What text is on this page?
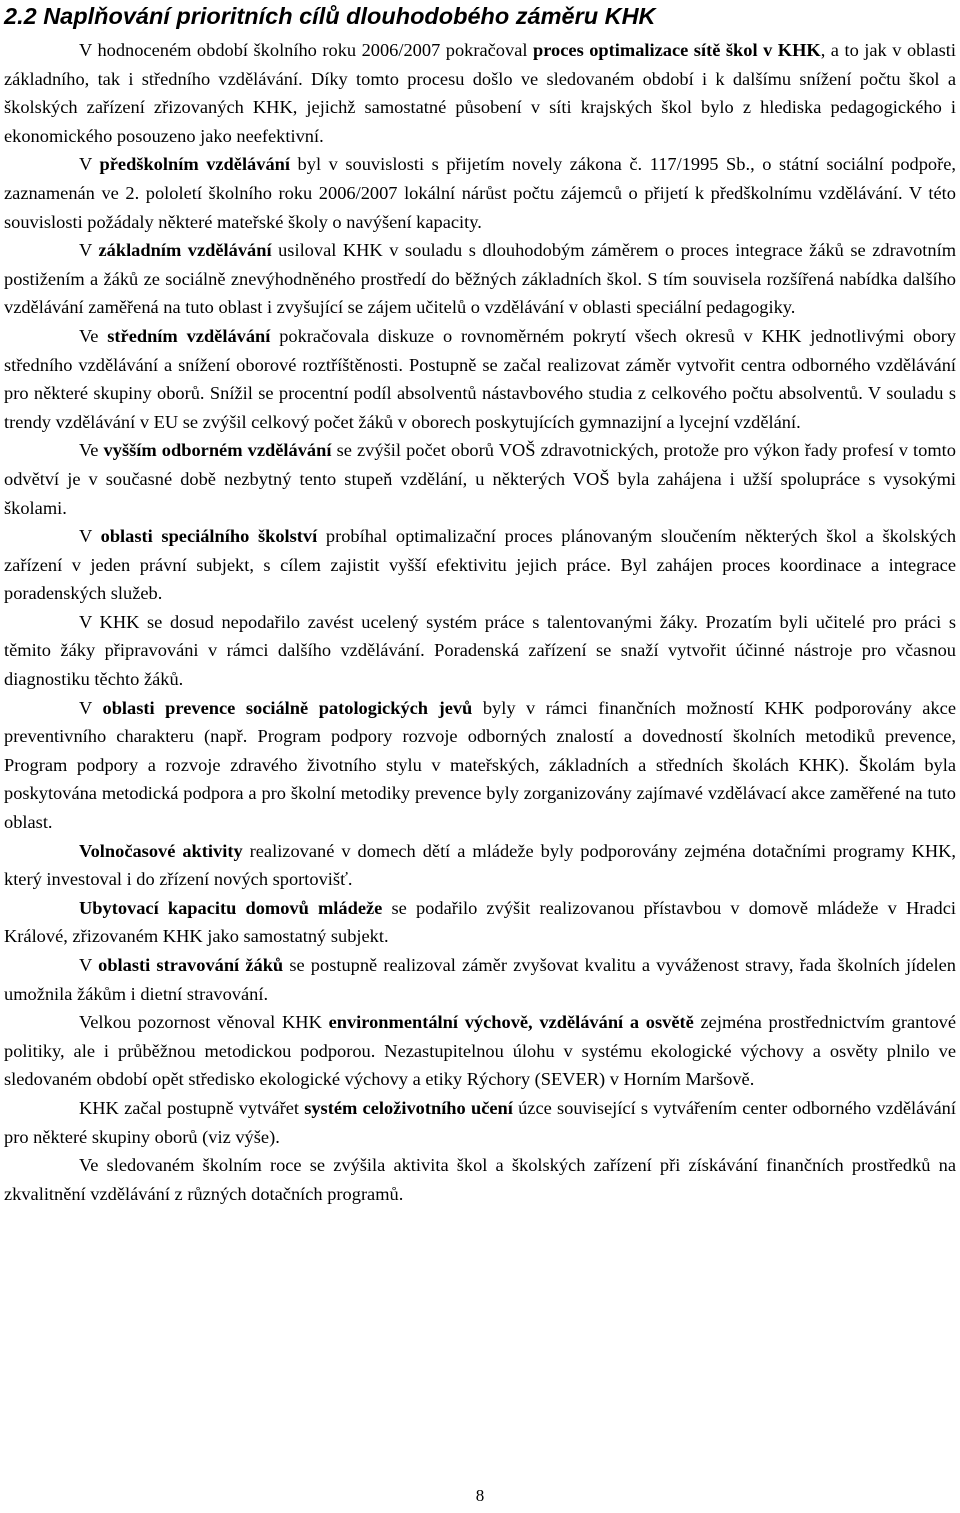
2.2 Naplňování prioritních cílů dlouhodobého záměru KHK

V hodnoceném období školního roku 2006/2007 pokračoval proces optimalizace sítě škol v KHK, a to jak v oblasti základního, tak i středního vzdělávání. Díky tomto procesu došlo ve sledovaném období i k dalšímu snížení počtu škol a školských zařízení zřizovaných KHK, jejichž samostatné působení v síti krajských škol bylo z hlediska pedagogického i ekonomického posouzeno jako neefektivní.

V předškolním vzdělávání byl v souvislosti s přijetím novely zákona č. 117/1995 Sb., o státní sociální podpoře, zaznamenán ve 2. pololetí školního roku 2006/2007 lokální nárůst počtu zájemců o přijetí k předškolnímu vzdělávání. V této souvislosti požádaly některé mateřské školy o navýšení kapacity.

V základním vzdělávání usiloval KHK v souladu s dlouhodobým záměrem o proces integrace žáků se zdravotním postižením a žáků ze sociálně znevýhodněného prostředí do běžných základních škol. S tím souvisela rozšířená nabídka dalšího vzdělávání zaměřená na tuto oblast i zvyšující se zájem učitelů o vzdělávání v oblasti speciální pedagogiky.

Ve středním vzdělávání pokračovala diskuze o rovnoměrném pokrytí všech okresů v KHK jednotlivými obory středního vzdělávání a snížení oborové roztříštěnosti. Postupně se začal realizovat záměr vytvořit centra odborného vzdělávání pro některé skupiny oborů. Snížil se procentní podíl absolventů nástavbového studia z celkového počtu absolventů. V souladu s trendy vzdělávání v EU se zvýšil celkový počet žáků v oborech poskytujících gymnazijní a lycejní vzdělání.

Ve vyšším odborném vzdělávání se zvýšil počet oborů VOŠ zdravotnických, protože pro výkon řady profesí v tomto odvětví je v současné době nezbytný tento stupeň vzdělání, u některých VOŠ byla zahájena i užší spolupráce s vysokými školami.

V oblasti speciálního školství probíhal optimalizační proces plánovaným sloučením některých škol a školských zařízení v jeden právní subjekt, s cílem zajistit vyšší efektivitu jejich práce. Byl zahájen proces koordinace a integrace poradenských služeb.

V KHK se dosud nepodařilo zavést ucelený systém práce s talentovanými žáky. Prozatím byli učitelé pro práci s těmito žáky připravováni v rámci dalšího vzdělávání. Poradenská zařízení se snaží vytvořit účinné nástroje pro včasnou diagnostiku těchto žáků.

V oblasti prevence sociálně patologických jevů byly v rámci finančních možností KHK podporovány akce preventivního charakteru (např. Program podpory rozvoje odborných znalostí a dovedností školních metodiků prevence, Program podpory a rozvoje zdravého životního stylu v mateřských, základních a středních školách KHK). Školám byla poskytována metodická podpora a pro školní metodiky prevence byly zorganizovány zajímavé vzdělávací akce zaměřené na tuto oblast.

Volnočasové aktivity realizované v domech dětí a mládeže byly podporovány zejména dotačními programy KHK, který investoval i do zřízení nových sportovišť.

Ubytovací kapacitu domovů mládeže se podařilo zvýšit realizovanou přístavbou v domově mládeže v Hradci Králové, zřizovaném KHK jako samostatný subjekt.

V oblasti stravování žáků se postupně realizoval záměr zvyšovat kvalitu a vyváženost stravy, řada školních jídelen umožnila žákům i dietní stravování.

Velkou pozornost věnoval KHK environmentální výchově, vzdělávání a osvětě zejména prostřednictvím grantové politiky, ale i průběžnou metodickou podporou. Nezastupitelnou úlohu v systému ekologické výchovy a osvěty plnilo ve sledovaném období opět středisko ekologické výchovy a etiky Rýchory (SEVER) v Horním Maršově.

KHK začal postupně vytvářet systém celoživotního učení úzce související s vytvářením center odborného vzdělávání pro některé skupiny oborů (viz výše).

Ve sledovaném školním roce se zvýšila aktivita škol a školských zařízení při získávání finančních prostředků na zkvalitnění vzdělávání z různých dotačních programů.

8
